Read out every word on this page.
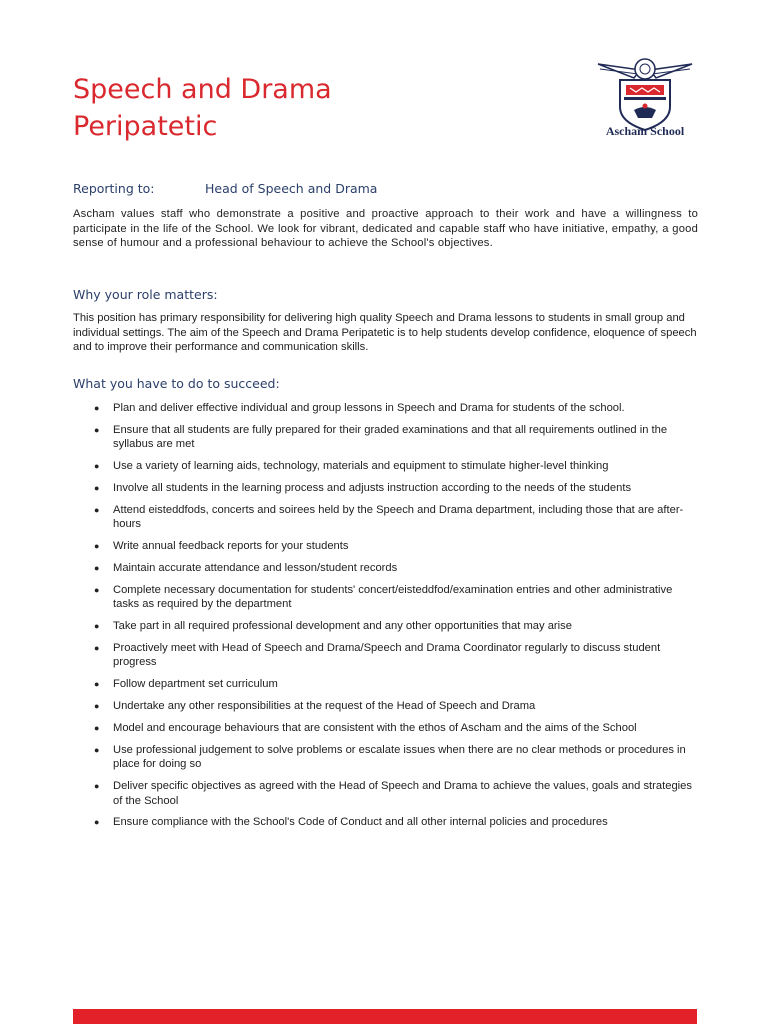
Speech and Drama
Peripatetic	Ascham School
Reporting to:	Head of Speech and Drama

Ascham values staff who demonstrate a positive and proactive approach to their work and have a willingness to participate in the life of the School. We look for vibrant, dedicated and capable staff who have initiative, empathy, a good sense of humour and a professional behaviour to achieve the School's objectives.

Why your role matters:

This position has primary responsibility for delivering high quality Speech and Drama lessons to students in small group and individual settings. The aim of the Speech and Drama Peripatetic is to help students develop confidence, eloquence of speech and to improve their performance and communication skills.

What you have to do to succeed:
● Plan and deliver effective individual and group lessons in Speech and Drama for students of the school.
● Ensure that all students are fully prepared for their graded examinations and that all requirements outlined in the syllabus are met
● Use a variety of learning aids, technology, materials and equipment to stimulate higher-level thinking
● Involve all students in the learning process and adjusts instruction according to the needs of the students
● Attend eisteddfods, concerts and soirees held by the Speech and Drama department, including those that are after-hours
● Write annual feedback reports for your students
● Maintain accurate attendance and lesson/student records
● Complete necessary documentation for students' concert/eisteddfod/examination entries and other administrative tasks as required by the department
● Take part in all required professional development and any other opportunities that may arise
● Proactively meet with Head of Speech and Drama/Speech and Drama Coordinator regularly to discuss student progress
● Follow department set curriculum
● Undertake any other responsibilities at the request of the Head of Speech and Drama
● Model and encourage behaviours that are consistent with the ethos of Ascham and the aims of the School
● Use professional judgement to solve problems or escalate issues when there are no clear methods or procedures in place for doing so
● Deliver specific objectives as agreed with the Head of Speech and Drama to achieve the values, goals and strategies of the School
● Ensure compliance with the School's Code of Conduct and all other internal policies and procedures
